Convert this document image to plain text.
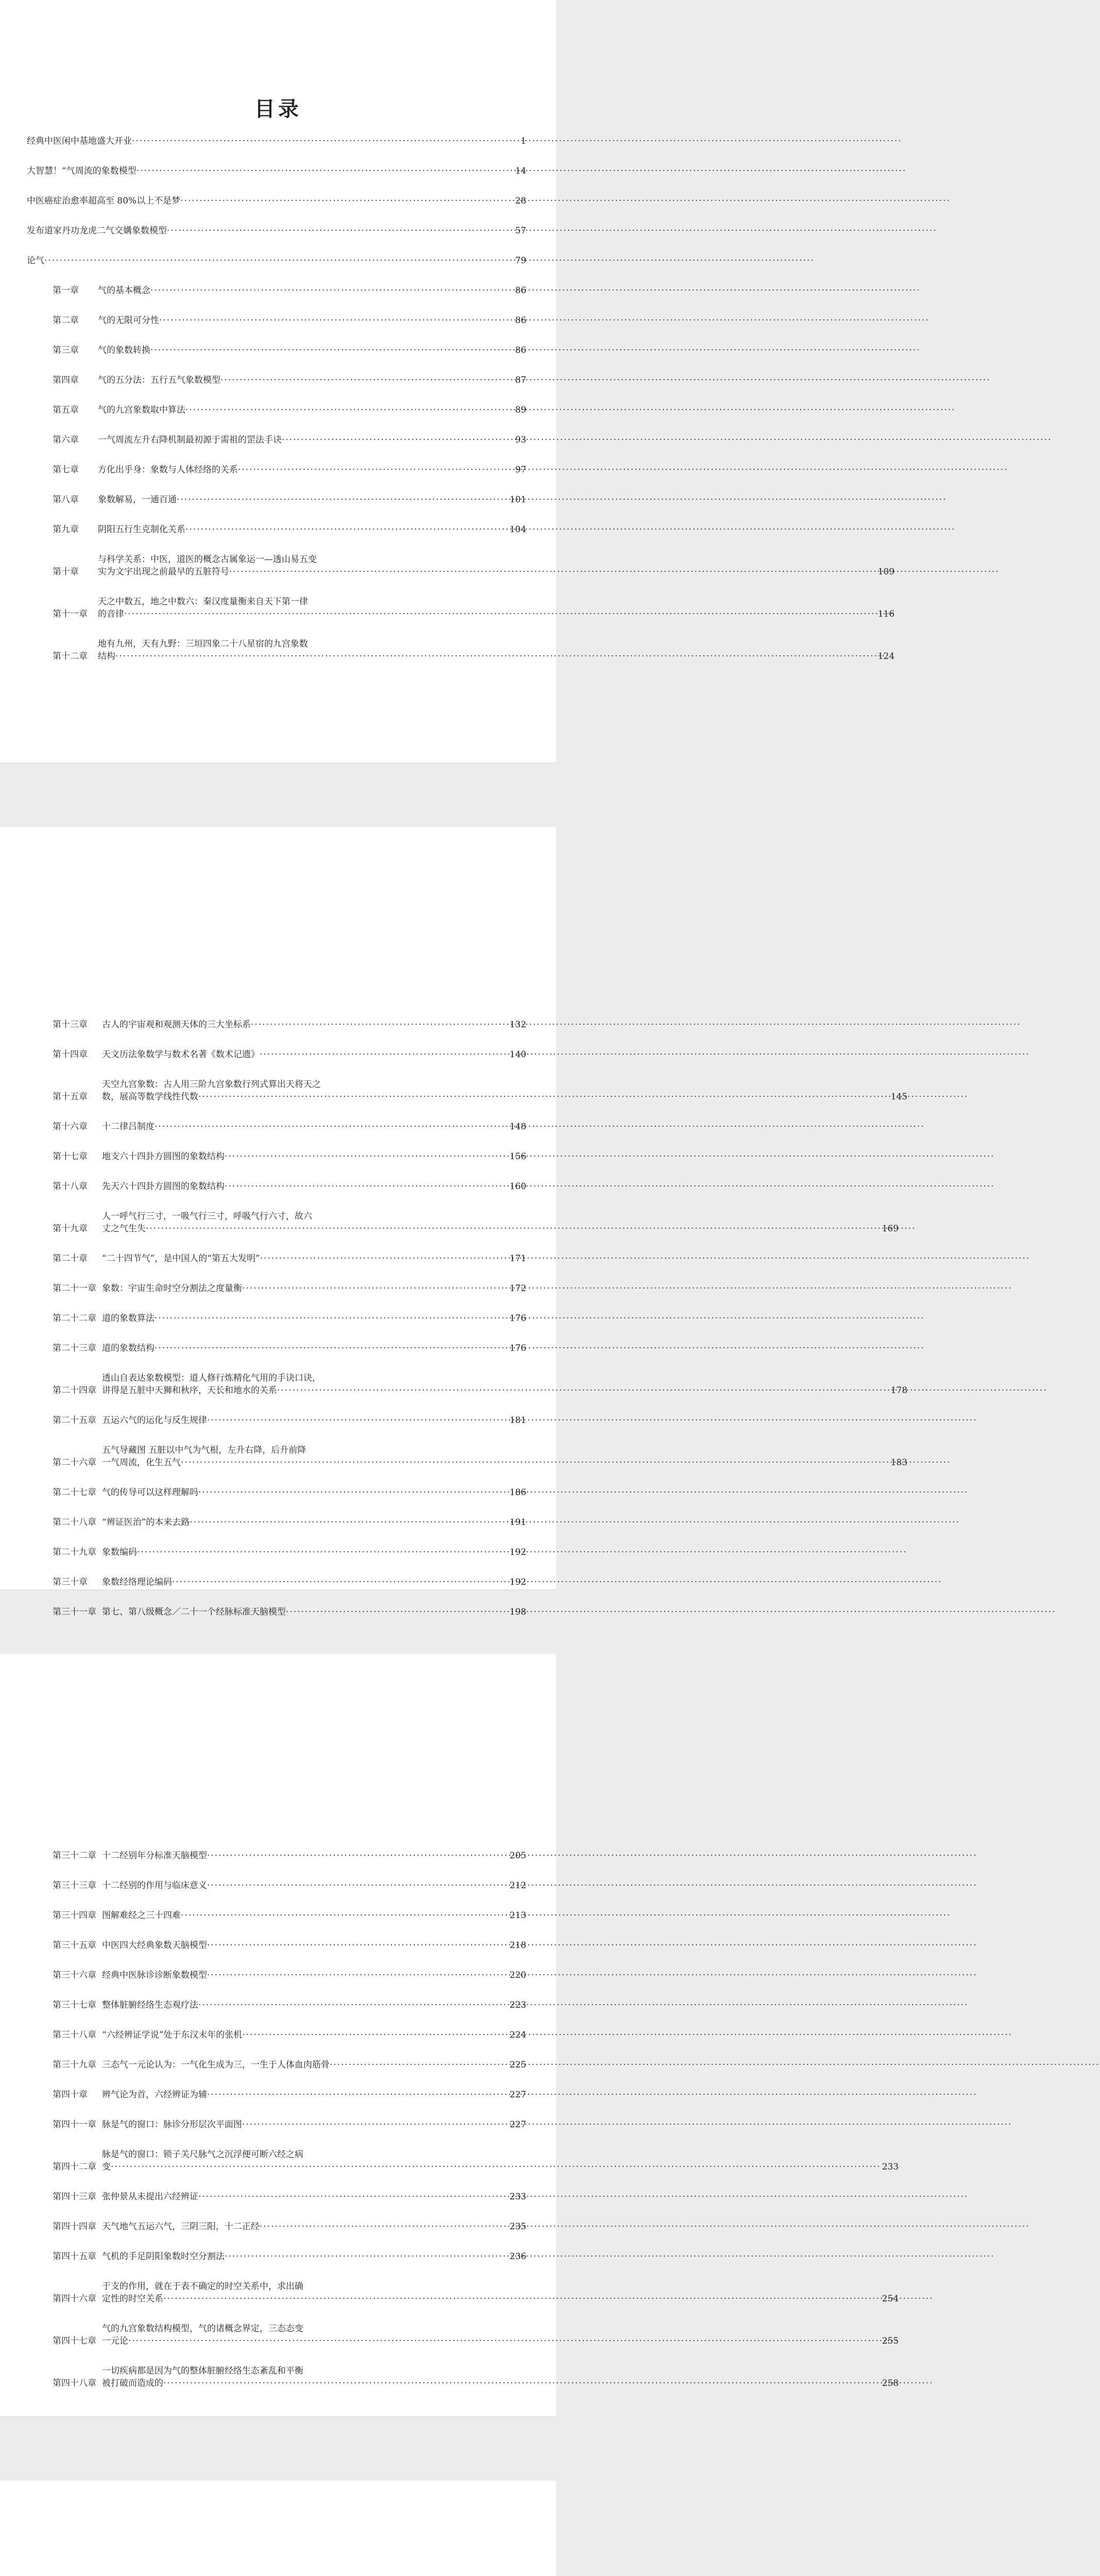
目录
经典中医闲中基地盛大开业 ·····	1
大智慧！“气周流的象数模型 ·····	14
中医癌症治愈率超高至 80%以上不是梦 ·····	28
发布道家丹功龙虎二气交媾象数模型 ·····	57
论气 ·····	79
第一章	气的基本概念 ·····	86
第二章	气的无限可分性 ·····	86
第三章	气的象数转换 ·····	86
第四章	气的五分法：五行五气象数模型 ·····	87
第五章	气的九宫象数取中算法 ·····	89
第六章	一气周流左升右降机制最初源于需祖的罡法手诀 ·····	93
第七章	方化出乎身：象数与人体经络的关系 ·····	97
第八章	象数解易，一通百通 ·····	101
第九章	阴阳五行生克制化关系 ·····	104
第十章
与科学关系：中医，道医的概念古属象运一—透山易五变
实为文宇出现之前最早的五脏符号 ·····	109
第十一章
天之中数五，地之中数六：秦汉度量衡来自天下第一律
的音律 ·····	116
第十二章
地有九州，天有九野：三垣四象二十八星宿的九宫象数
结构 ·····	124
第十三章	古人的宇宙观和观测天体的三大坐标系 ·····	132
第十四章	天文历法象数学与数术名著《数术记遗》 ·····	140
第十五章
天空九宫象数：古人用三阶九宫象数行列式算出天将天之
数，展高等数学线性代数 ·····	145
第十六章	十二律吕制度 ·····	148
第十七章	地支六十四卦方圆图的象数结构 ·····	156
第十八章	先天六十四卦方圆图的象数结构 ·····	160
第十九章
人一呼气行三寸，一吸气行三寸，呼吸气行六寸，故六
丈之气生失 ·····	169
第二十章	“二十四节气”，是中国人的“第五大发明” ·····	171
第二十一章 象数：宇宙生命时空分割法之度量衡 ·····	172
第二十二章 道的象数算法 ·····	176
第二十三章 道的象数结构 ·····	176
第二十四章
透山自表达象数模型：道人修行炼精化气用的手诀口诀，
讲得是五脏中天狮和秋序，天长和地水的关系 ·····	178
第二十五章 五运六气的运化与反生规律 ·····	181
第二十六章
五气导藏图 五脏以中气为气根，左升右降，后升前降
一气周流，化生五气 ·····	183
第二十七章 气的传导可以这样理解吗 ·····	186
第二十八章 “辨证医治”的本来去路 ·····	191
第二十九章 象数编码 ·····	192
第三十章	象数经络理论编码 ·····	192
第三十一章 第七、第八级概念／二十一个经脉标准天脑模型 ·····	198
第三十二章 十二经别年分标准天脑模型 ·····	205
第三十三章 十二经别的作用与临床意义 ·····	212
第三十四章 图解难经之三十四难 ·····	213
第三十五章 中医四大经典象数天脑模型 ·····	218
第三十六章 经典中医脉诊诊断象数模型 ·····	220
第三十七章 整体脏腑经络生态观疗法 ·····	223
第三十八章 “六经辨证学说”处于东汉末年的张机 ·····	224
第三十九章 三态气一元论认为：一气化生成为三，一生于人体血肉筋骨 ·····	225
第四十章	辨气论为首，六经辨证为辅 ·····	227
第四十一章 脉是气的窗口：脉诊分形层次平面图 ·····	227
第四十二章
脉是气的窗口：锁子关尺脉气之沉浮便可断六经之病
变 ·····	233
第四十三章 张仲景从未提出六经辨证 ·····	233
第四十四章 天气地气五运六气，三阴三阳，十二正经 ·····	235
第四十五章 气机的手足阴阳象数时空分割法 ·····	236
第四十六章
于支的作用，就在于表不确定的时空关系中，求出确
定性的时空关系 ·····	254
第四十七章
气的九宫象数结构模型，气的诸概念界定，三态态变
一元论 ·····	255
第四十八章
一切疾病都是因为气的整体脏腑经络生态紊乱和平衡
被打破而造成的 ·····	258
